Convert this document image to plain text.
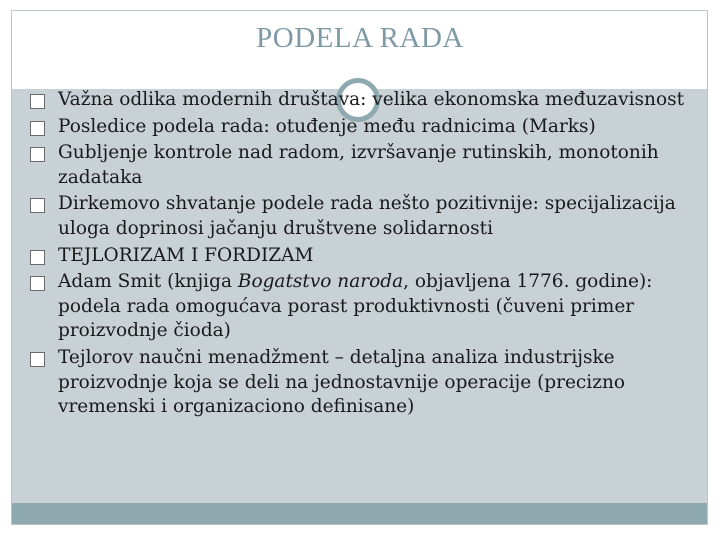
PODELA RADA
Važna odlika modernih društava: velika ekonomska međuzavisnost
Posledice podela rada: otuđenje među radnicima (Marks)
Gubljenje kontrole nad radom, izvršavanje rutinskih, monotonih zadataka
Dirkemovo shvatanje podele rada nešto pozitivnije: specijalizacija uloga doprinosi jačanju društvene solidarnosti
TEJLORIZAM I FORDIZAM
Adam Smit (knjiga Bogatstvo naroda, objavljena 1776. godine): podela rada omogućava porast produktivnosti (čuveni primer proizvodnje čioda)
Tejlorov naučni menadžment – detaljna analiza industrijske proizvodnje koja se deli na jednostavnije operacije (precizno vremenski i organizaciono definisane)
